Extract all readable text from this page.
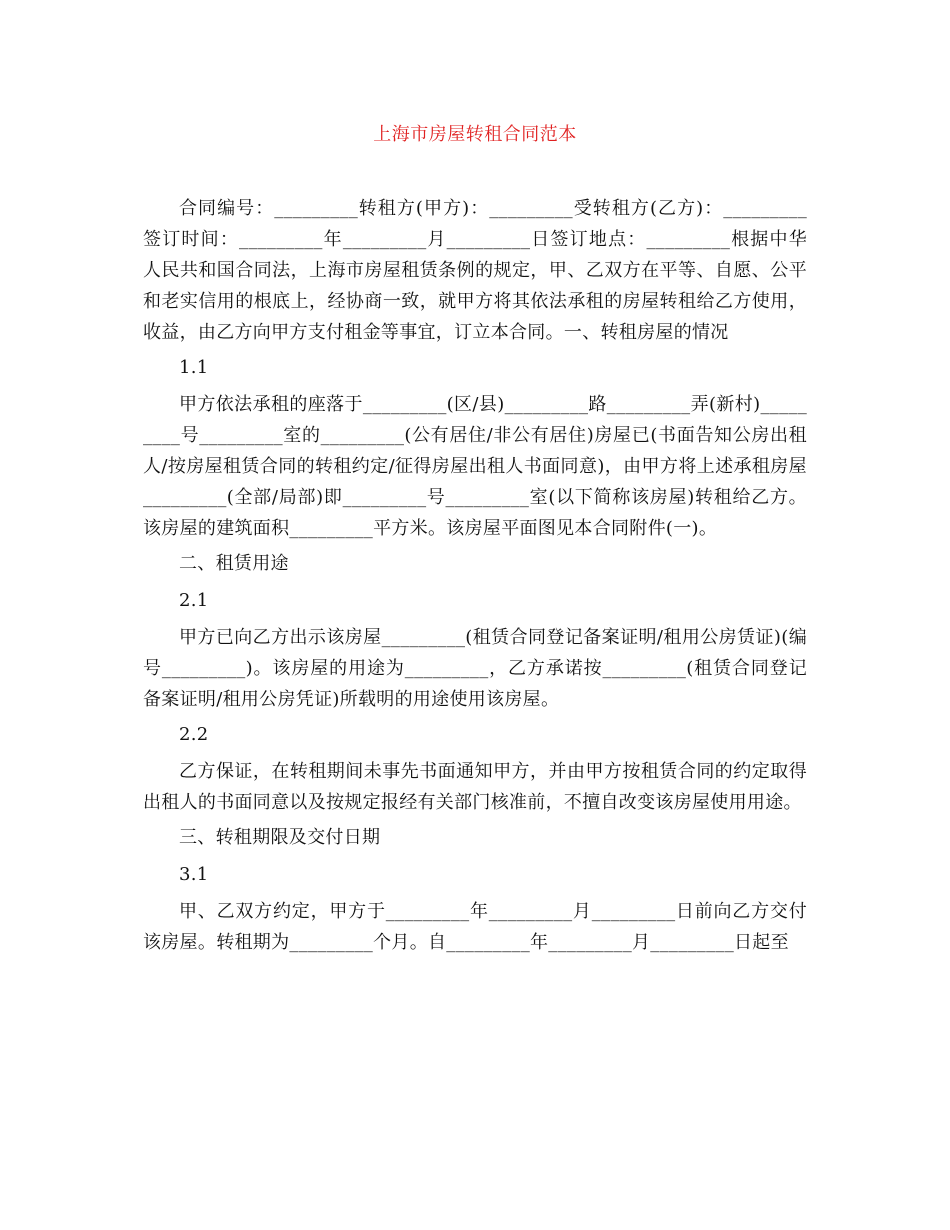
上海市房屋转租合同范本

合同编号：_________转租方(甲方)：_________受转租方(乙方)：_________签订时间：_________年_________月_________日签订地点：_________根据中华人民共和国合同法，上海市房屋租赁条例的规定，甲、乙双方在平等、自愿、公平和老实信用的根底上，经协商一致，就甲方将其依法承租的房屋转租给乙方使用，收益，由乙方向甲方支付租金等事宜，订立本合同。一、转租房屋的情况

1.1

甲方依法承租的座落于_________(区/县)_________路_________弄(新村)_________号_________室的_________(公有居住/非公有居住)房屋已(书面告知公房出租人/按房屋租赁合同的转租约定/征得房屋出租人书面同意)，由甲方将上述承租房屋_________(全部/局部)即_________号_________室(以下简称该房屋)转租给乙方。该房屋的建筑面积_________平方米。该房屋平面图见本合同附件(一)。

二、租赁用途

2.1

甲方已向乙方出示该房屋_________(租赁合同登记备案证明/租用公房赁证)(编号_________)。该房屋的用途为_________，乙方承诺按_________(租赁合同登记备案证明/租用公房凭证)所载明的用途使用该房屋。

2.2

乙方保证，在转租期间未事先书面通知甲方，并由甲方按租赁合同的约定取得出租人的书面同意以及按规定报经有关部门核准前，不擅自改变该房屋使用用途。

三、转租期限及交付日期

3.1

甲、乙双方约定，甲方于_________年_________月_________日前向乙方交付该房屋。转租期为_________个月。自_________年_________月_________日起至
